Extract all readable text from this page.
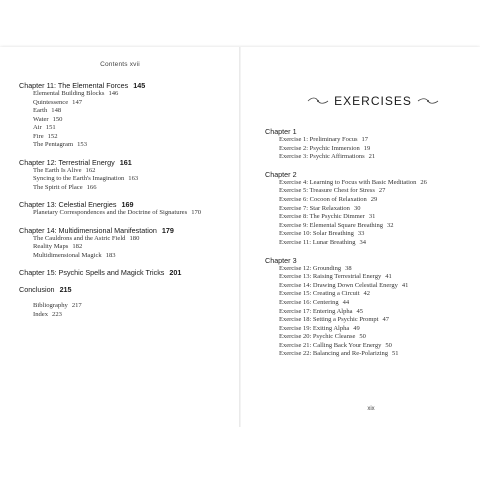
Contents xvii
Chapter 11: The Elemental Forces 145
Elemental Building Blocks 146
Quintessence 147
Earth 148
Water 150
Air 151
Fire 152
The Pentagram 153
Chapter 12: Terrestrial Energy 161
The Earth Is Alive 162
Syncing to the Earth's Imagination 163
The Spirit of Place 166
Chapter 13: Celestial Energies 169
Planetary Correspondences and the Doctrine of Signatures 170
Chapter 14: Multidimensional Manifestation 179
The Cauldrons and the Astric Field 180
Reality Maps 182
Multidimensional Magick 183
Chapter 15: Psychic Spells and Magick Tricks 201
Conclusion 215
Bibliography 217
Index 223
EXERCISES
Chapter 1
Exercise 1: Preliminary Focus 17
Exercise 2: Psychic Immersion 19
Exercise 3: Psychic Affirmations 21
Chapter 2
Exercise 4: Learning to Focus with Basic Meditation 26
Exercise 5: Treasure Chest for Stress 27
Exercise 6: Cocoon of Relaxation 29
Exercise 7: Star Relaxation 30
Exercise 8: The Psychic Dimmer 31
Exercise 9: Elemental Square Breathing 32
Exercise 10: Solar Breathing 33
Exercise 11: Lunar Breathing 34
Chapter 3
Exercise 12: Grounding 38
Exercise 13: Raising Terrestrial Energy 41
Exercise 14: Drawing Down Celestial Energy 41
Exercise 15: Creating a Circuit 42
Exercise 16: Centering 44
Exercise 17: Entering Alpha 45
Exercise 18: Setting a Psychic Prompt 47
Exercise 19: Exiting Alpha 49
Exercise 20: Psychic Cleanse 50
Exercise 21: Calling Back Your Energy 50
Exercise 22: Balancing and Re-Polarizing 51
xix
